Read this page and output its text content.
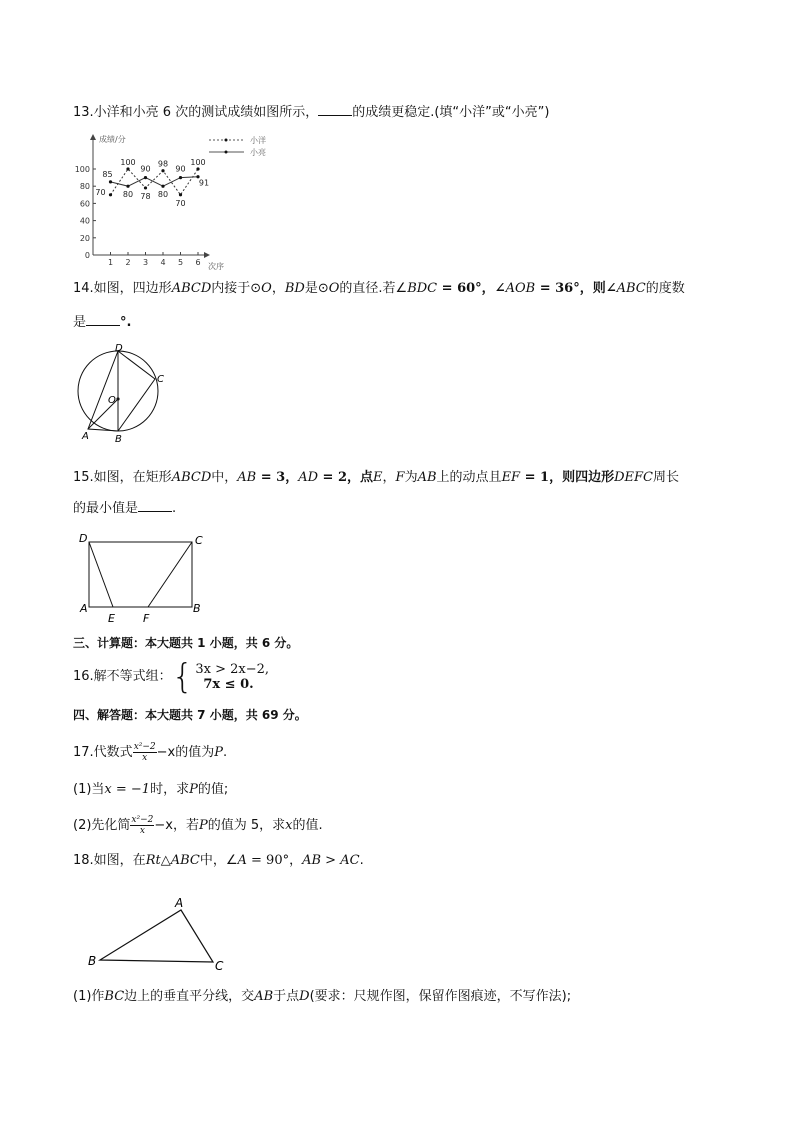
13.小洋和小亮 6 次的测试成绩如图所示，	的成绩更稳定.(填“小洋”或“小亮”)
成绩/分
次序
0
20
40
60
80
100
1 2 3 4 5 6
70
100
78
98
70
100
85
80
90
80
90
91
小洋
小亮
14.如图，四边形ABCD内接于⊙O，BD是⊙O的直径.若∠BDC = 60°，∠AOB = 36°，则∠ABC的度数
是	°.
D
C
O
A	B
15.如图，在矩形ABCD中，AB = 3，AD = 2，点E，F为AB上的动点且EF = 1，则四边形DEFC周长
的最小值是	.
D	C
A
E	F
B
三、计算题：本大题共 1 小题，共 6 分。
16.解不等式组：{ 3x > 2x−2,
7x ≤ 0.
四、解答题：本大题共 7 小题，共 69 分。
17.代数式 $\frac{\text{x²−2}}{x} -x$的值为P.
(1)当x = −1时，求P的值;
(2)先化简 $\frac{\text{x²−2}}{x} -x$，若P的值为 5，求x的值.
18.如图，在Rt△ABC中，∠A = 90°，AB > AC.
A
B	C
(1)作BC边上的垂直平分线，交AB于点D(要求：尺规作图，保留作图痕迹，不写作法);
